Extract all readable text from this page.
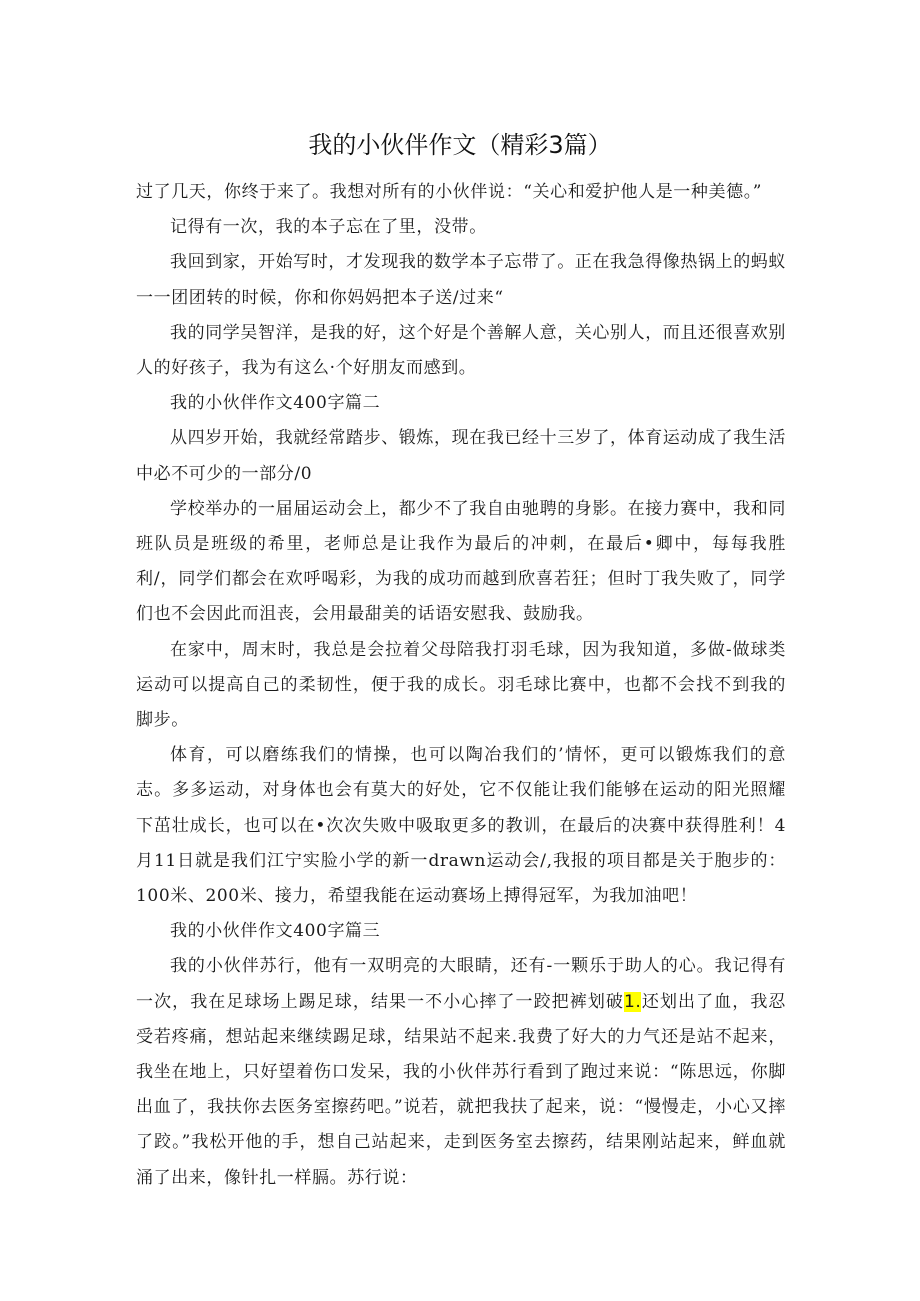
我的小伙伴作文（精彩3篇）

过了几天，你终于来了。我想对所有的小伙伴说：“关心和爱护他人是一种美德。”

记得有一次，我的本子忘在了里，没带。

我回到家，开始写时，才发现我的数学本子忘带了。正在我急得像热锅上的蚂蚁一一团团转的时候，你和你妈妈把本子送/过来“

我的同学吴智洋，是我的好，这个好是个善解人意，关心别人，而且还很喜欢别人的好孩子，我为有这么·个好朋友而感到。

我的小伙伴作文400字篇二

从四岁开始，我就经常踏步、锻炼，现在我已经十三岁了，体育运动成了我生活中必不可少的一部分/0

学校举办的一届届运动会上，都少不了我自由驰聘的身影。在接力赛中，我和同班队员是班级的希里，老师总是让我作为最后的冲刺，在最后•卿中，每每我胜利/，同学们都会在欢呼喝彩，为我的成功而越到欣喜若狂；但时丁我失败了，同学们也不会因此而沮丧，会用最甜美的话语安慰我、鼓励我。

在家中，周末时，我总是会拉着父母陪我打羽毛球，因为我知道，多做-做球类运动可以提高自己的柔韧性，便于我的成长。羽毛球比赛中，也都不会找不到我的脚步。

体育，可以磨练我们的情操，也可以陶冶我们的’情怀，更可以锻炼我们的意志。多多运动，对身体也会有莫大的好处，它不仅能让我们能够在运动的阳光照耀下茁壮成长，也可以在•次次失败中吸取更多的教训，在最后的决赛中获得胜利！4月11日就是我们江宁实脸小学的新一drawn运动会/,我报的项目都是关于胞步的：100米、200米、接力，希望我能在运动赛场上搏得冠军，为我加油吧！

我的小伙伴作文400字篇三

我的小伙伴苏行，他有一双明亮的大眼睛，还有-一颗乐于助人的心。我记得有一次，我在足球场上踢足球，结果一不小心摔了一跤把裤划破1.还划出了血，我忍受若疼痛，想站起来继续踢足球，结果站不起来.我费了好大的力气还是站不起来，我坐在地上，只好望着伤口发呆，我的小伙伴苏行看到了跑过来说：“陈思远，你脚出血了，我扶你去医务室擦药吧。”说若，就把我扶了起来，说：“慢慢走，小心又摔了跤。”我松开他的手，想自己站起来，走到医务室去擦药，结果刚站起来，鲜血就涌了出来，像针扎一样膈。苏行说：
